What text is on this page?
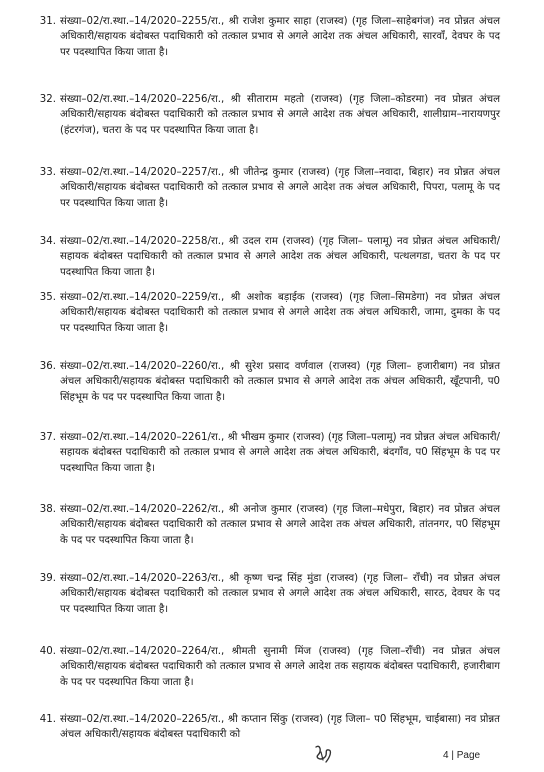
31. संख्या–02/रा.स्था.–14/2020–2255/रा., श्री राजेश कुमार साहा (राजस्व) (गृह जिला–साहेबगंज) नव प्रोन्नत अंचल अधिकारी/सहायक बंदोबस्त पदाधिकारी को तत्काल प्रभाव से अगले आदेश तक अंचल अधिकारी, सारवाँ, देवघर के पद पर पदस्थापित किया जाता है।
32. संख्या–02/रा.स्था.–14/2020–2256/रा., श्री सीताराम महतो (राजस्व) (गृह जिला–कोडरमा) नव प्रोन्नत अंचल अधिकारी/सहायक बंदोबस्त पदाधिकारी को तत्काल प्रभाव से अगले आदेश तक अंचल अधिकारी, शालीग्राम–नारायणपुर (हंटरगंज), चतरा के पद पर पदस्थापित किया जाता है।
33. संख्या–02/रा.स्था.–14/2020–2257/रा., श्री जीतेन्द्र कुमार (राजस्व) (गृह जिला–नवादा, बिहार) नव प्रोन्नत अंचल अधिकारी/सहायक बंदोबस्त पदाधिकारी को तत्काल प्रभाव से अगले आदेश तक अंचल अधिकारी, पिपरा, पलामू के पद पर पदस्थापित किया जाता है।
34. संख्या–02/रा.स्था.–14/2020–2258/रा., श्री उदल राम (राजस्व) (गृह जिला– पलामू) नव प्रोन्नत अंचल अधिकारी/सहायक बंदोबस्त पदाधिकारी को तत्काल प्रभाव से अगले आदेश तक अंचल अधिकारी, पत्थलगडा, चतरा के पद पर पदस्थापित किया जाता है।
35. संख्या–02/रा.स्था.–14/2020–2259/रा., श्री अशोक बड़ाईक (राजस्व) (गृह जिला–सिमडेगा) नव प्रोन्नत अंचल अधिकारी/सहायक बंदोबस्त पदाधिकारी को तत्काल प्रभाव से अगले आदेश तक अंचल अधिकारी, जामा, दुमका के पद पर पदस्थापित किया जाता है।
36. संख्या–02/रा.स्था.–14/2020–2260/रा., श्री सुरेश प्रसाद वर्णवाल (राजस्व) (गृह जिला– हजारीबाग) नव प्रोन्नत अंचल अधिकारी/सहायक बंदोबस्त पदाधिकारी को तत्काल प्रभाव से अगले आदेश तक अंचल अधिकारी, खूँटपानी, प0 सिंहभूम के पद पर पदस्थापित किया जाता है।
37. संख्या–02/रा.स्था.–14/2020–2261/रा., श्री भीखम कुमार (राजस्व) (गृह जिला–पलामू) नव प्रोन्नत अंचल अधिकारी/सहायक बंदोबस्त पदाधिकारी को तत्काल प्रभाव से अगले आदेश तक अंचल अधिकारी, बंदगाँव, प0 सिंहभूम के पद पर पदस्थापित किया जाता है।
38. संख्या–02/रा.स्था.–14/2020–2262/रा., श्री अनोज कुमार (राजस्व) (गृह जिला–मधेपुरा, बिहार) नव प्रोन्नत अंचल अधिकारी/सहायक बंदोबस्त पदाधिकारी को तत्काल प्रभाव से अगले आदेश तक अंचल अधिकारी, तांतनगर, प0 सिंहभूम के पद पर पदस्थापित किया जाता है।
39. संख्या–02/रा.स्था.–14/2020–2263/रा., श्री कृष्ण चन्द्र सिंह मुंडा (राजस्व) (गृह जिला– राँची) नव प्रोन्नत अंचल अधिकारी/सहायक बंदोबस्त पदाधिकारी को तत्काल प्रभाव से अगले आदेश तक अंचल अधिकारी, सारठ, देवघर के पद पर पदस्थापित किया जाता है।
40. संख्या–02/रा.स्था.–14/2020–2264/रा., श्रीमती सुनामी मिंज (राजस्व) (गृह जिला–राँची) नव प्रोन्नत अंचल अधिकारी/सहायक बंदोबस्त पदाधिकारी को तत्काल प्रभाव से अगले आदेश तक सहायक बंदोबस्त पदाधिकारी, हजारीबाग के पद पर पदस्थापित किया जाता है।
41. संख्या–02/रा.स्था.–14/2020–2265/रा., श्री कप्तान सिंकु (राजस्व) (गृह जिला– प0 सिंहभूम, चाईबासा) नव प्रोन्नत अंचल अधिकारी/सहायक बंदोबस्त पदाधिकारी को
4 | Page
